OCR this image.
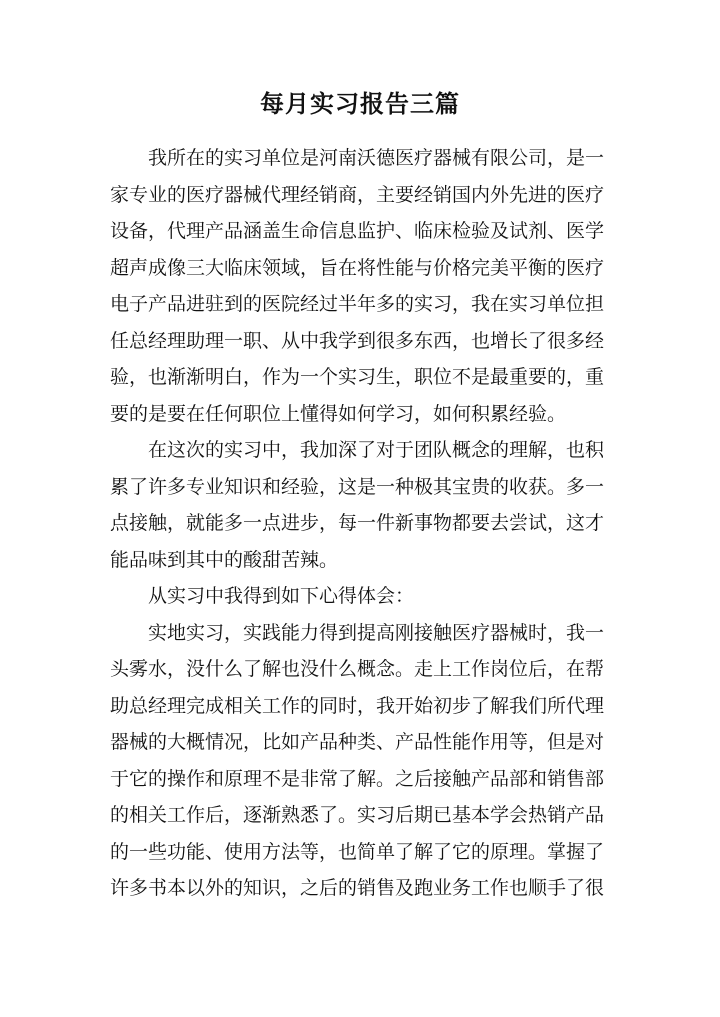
每月实习报告三篇
我所在的实习单位是河南沃德医疗器械有限公司，是一
家专业的医疗器械代理经销商，主要经销国内外先进的医疗
设备，代理产品涵盖生命信息监护、临床检验及试剂、医学
超声成像三大临床领域，旨在将性能与价格完美平衡的医疗
电子产品进驻到的医院经过半年多的实习，我在实习单位担
任总经理助理一职、从中我学到很多东西，也增长了很多经
验，也渐渐明白，作为一个实习生，职位不是最重要的，重
要的是要在任何职位上懂得如何学习，如何积累经验。
在这次的实习中，我加深了对于团队概念的理解，也积
累了许多专业知识和经验，这是一种极其宝贵的收获。多一
点接触，就能多一点进步，每一件新事物都要去尝试，这才
能品味到其中的酸甜苦辣。
从实习中我得到如下心得体会：
实地实习，实践能力得到提高刚接触医疗器械时，我一
头雾水，没什么了解也没什么概念。走上工作岗位后，在帮
助总经理完成相关工作的同时，我开始初步了解我们所代理
器械的大概情况，比如产品种类、产品性能作用等，但是对
于它的操作和原理不是非常了解。之后接触产品部和销售部
的相关工作后，逐渐熟悉了。实习后期已基本学会热销产品
的一些功能、使用方法等，也简单了解了它的原理。掌握了
许多书本以外的知识，之后的销售及跑业务工作也顺手了很
